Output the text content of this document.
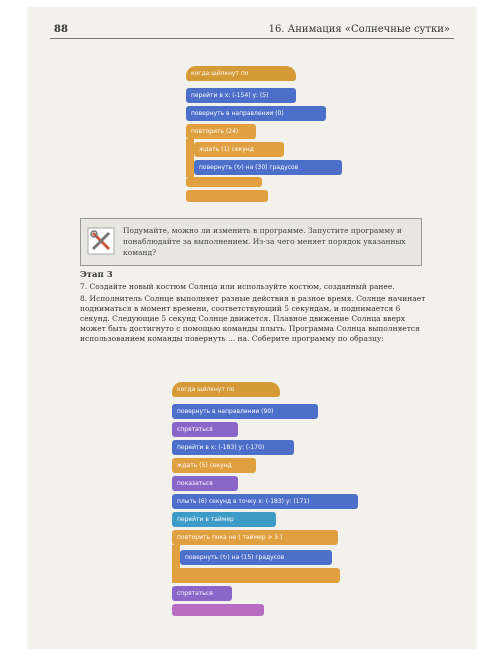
88	16. Анимация «Солнечные сутки»
когда щёлкнут по
перейти в х: (-154) у: (5)
повернуть в направлении (0)
повторить (24)
ждать (1) секунд
повернуть (↻) на (30) градусов
Подумайте, можно ли изменить в программе. Запустите программу и понаблюдайте за выполнением. Из-за чего меняет порядок указанных команд?
Этап 3
7. Создайте новый костюм Солнца или используйте костюм, созданный ранее.
8. Исполнитель Солнце выполняет разные действия в разное время. Солнце начинает подниматься в момент времени, соответствующий 5 секундам, и поднимается 6 секунд. Следующие 5 секунд Солнце движется. Плавное движение Солнца вверх может быть достигнуто с помощью команды плыть. Программа Солнца выполняется использованием команды повернуть ... на. Соберите программу по образцу:
когда щёлкнут по
повернуть в направлении (90)
спрятаться
перейти в х: (-183) у: (-170)
ждать (5) секунд
показаться
плыть (6) секунд в точку х: (-183) у: (171)
перейти в таймер
повторить пока не ( таймер > 5 )
повернуть (↻) на (15) градусов
спрятаться
